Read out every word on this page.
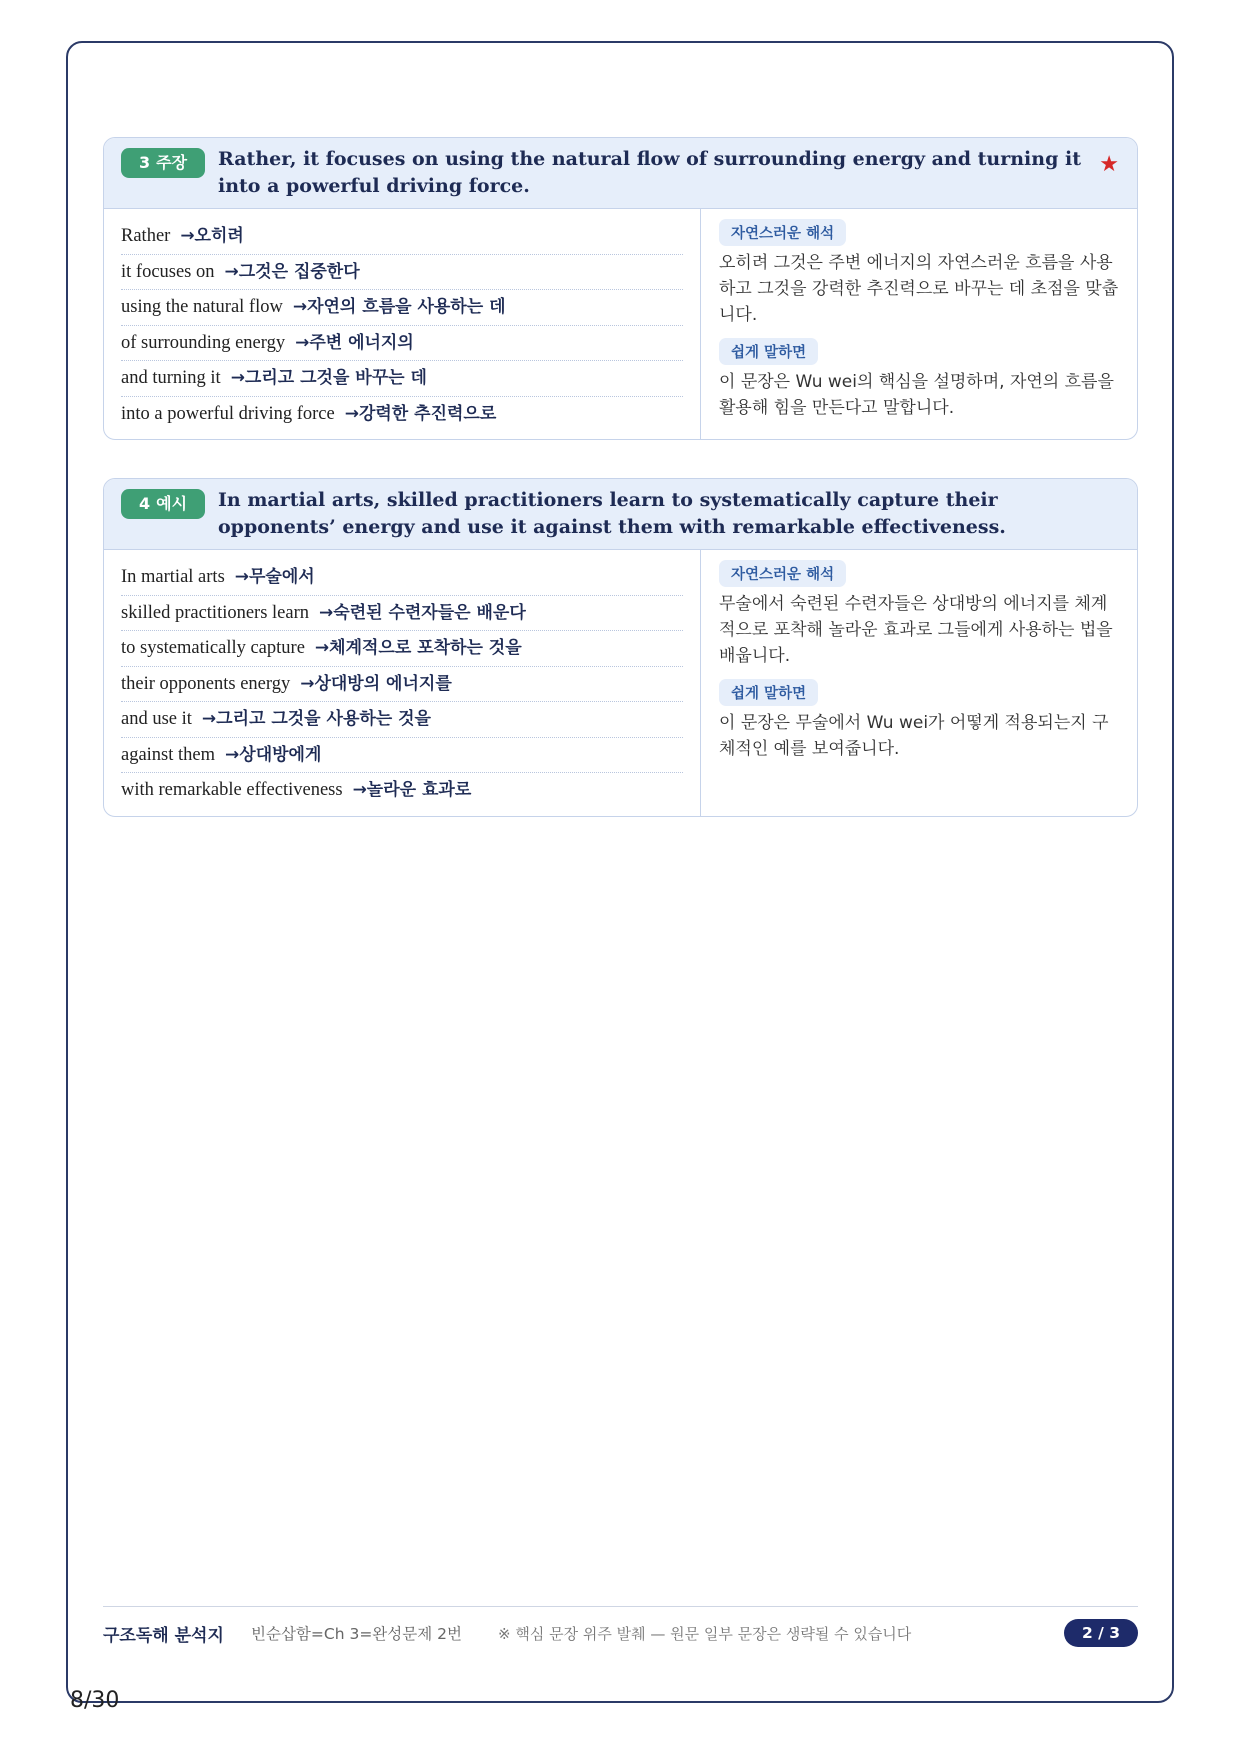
3 주장	Rather, it focuses on using the natural flow of surrounding energy and turning it into a powerful driving force.
★
Rather →오히려
it focuses on →그것은 집중한다
using the natural flow →자연의 흐름을 사용하는 데
of surrounding energy →주변 에너지의
and turning it →그리고 그것을 바꾸는 데
into a powerful driving force →강력한 추진력으로
자연스러운 해석

오히려 그것은 주변 에너지의 자연스러운 흐름을 사용하고 그것을 강력한 추진력으로 바꾸는 데 초점을 맞춥니다.

쉽게 말하면

이 문장은 Wu wei의 핵심을 설명하며, 자연의 흐름을 활용해 힘을 만든다고 말합니다.

4 예시	In martial arts, skilled practitioners learn to systematically capture their opponents’ energy and use it against them with remarkable effectiveness.
In martial arts →무술에서
skilled practitioners learn →숙련된 수련자들은 배운다
to systematically capture →체계적으로 포착하는 것을
their opponents energy →상대방의 에너지를
and use it →그리고 그것을 사용하는 것을
against them →상대방에게
with remarkable effectiveness →놀라운 효과로
자연스러운 해석

무술에서 숙련된 수련자들은 상대방의 에너지를 체계적으로 포착해 놀라운 효과로 그들에게 사용하는 법을 배웁니다.

쉽게 말하면

이 문장은 무술에서 Wu wei가 어떻게 적용되는지 구체적인 예를 보여줍니다.

구조독해 분석지 빈순삽함=Ch 3=완성문제 2번 ※ 핵심 문장 위주 발췌 — 원문 일부 문장은 생략될 수 있습니다	2 / 3
8/30
